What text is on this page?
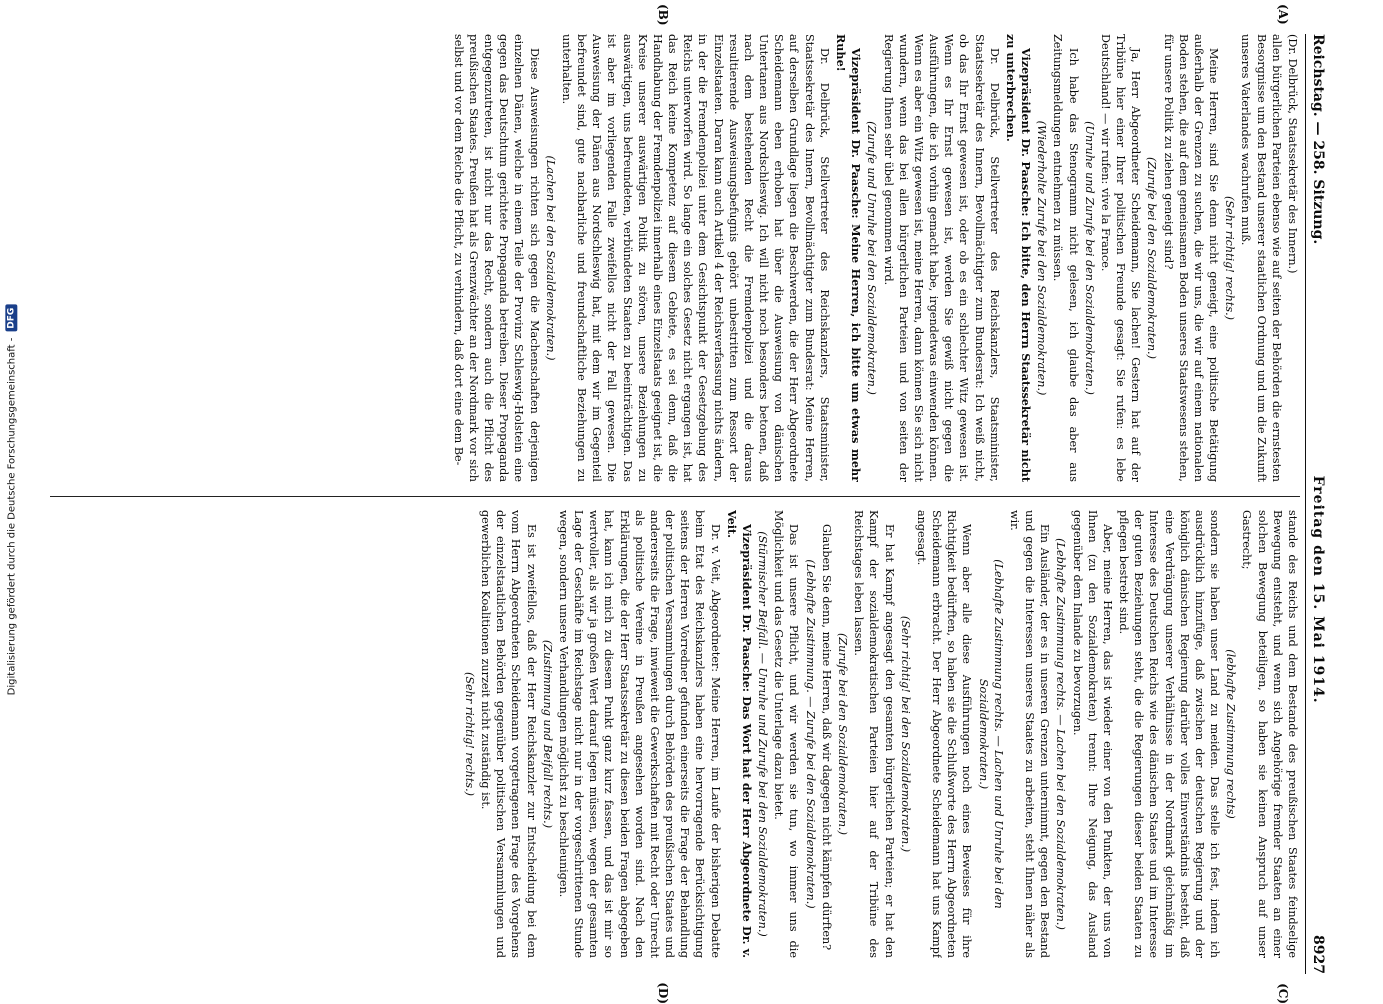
Digitalisierung gefördert durch die Deutsche Forschungsgemeinschaft -
DFG
Reichstag. — 258. Sitzung.
Freitag den 15. Mai 1914.
8927

(Dr. Delbrück, Staatssekretär des Innern.)

allen bürgerlichen Parteien ebenso wie auf seiten der Behörden die ernstesten Besorgnisse um den Bestand unserer staatlichen Ordnung und um die Zukunft unseres Vaterlandes wachrufen muß.

(Sehr richtig! rechts.)

Meine Herren, sind Sie denn nicht geneigt, eine politische Betätigung außerhalb der Grenzen zu suchen, die wir uns, die wir auf einem nationalen Boden stehen, die auf dem gemeinsamen Boden unseres Staatswesens stehen, für unsere Politik zu ziehen geneigt sind?

(Zurufe bei den Sozialdemokraten.)

Ja, Herr Abgeordneter Scheidemann, Sie lachen! Gestern hat auf der Tribüne hier einer Ihrer politischen Freunde gesagt: Sie rufen: es lebe Deutschland! — wir rufen: vive la France.

(Unruhe und Zurufe bei den Sozialdemokraten.)

Ich habe das Stenogramm nicht gelesen, ich glaube das aber aus Zeitungsmeldungen entnehmen zu müssen.

(Wiederholte Zurufe bei den Sozialdemokraten.)

Vizepräsident Dr. Paasche: Ich bitte, den Herrn Staatssekretär nicht zu unterbrechen.

Dr. Delbrück, Stellvertreter des Reichskanzlers, Staatsminister, Staatssekretär des Innern, Bevollmächtigter zum Bundesrat: Ich weiß nicht, ob das Ihr Ernst gewesen ist, oder ob es ein schlechter Witz gewesen ist. Wenn es Ihr Ernst gewesen ist, werden Sie gewiß nicht gegen die Ausführungen, die ich vorhin gemacht habe, irgendetwas einwenden können. Wenn es aber ein Witz gewesen ist, meine Herren, dann können Sie sich nicht wundern, wenn das bei allen bürgerlichen Parteien und von seiten der Regierung Ihnen sehr übel genommen wird.

(Zurufe und Unruhe bei den Sozialdemokraten.)

Vizepräsident Dr. Paasche: Meine Herren, ich bitte um etwas mehr Ruhe!

Dr. Delbrück, Stellvertreter des Reichskanzlers, Staatsminister, Staatssekretär des Innern, Bevollmächtigter zum Bundesrat: Meine Herren, auf derselben Grundlage liegen die Beschwerden, die der Herr Abgeordnete Scheidemann eben erhoben hat über die Ausweisung von dänischen Untertanen aus Nordschleswig. Ich will nicht noch besonders betonen, daß nach dem bestehenden Recht die Fremdenpolizei und die daraus resultierende Ausweisungsbefugnis gehört unbestritten zum Ressort der Einzelstaaten. Daran kann auch Artikel 4 der Reichsverfassung nichts ändern, in der die Fremdenpolizei unter dem Gesichtspunkt der Gesetzgebung des Reichs unterworfen wird. So lange ein solches Gesetz nicht ergangen ist, hat das Reich keine Kompetenz auf diesem Gebiete, es sei denn, daß die Handhabung der Fremdenpolizei innerhalb eines Einzelstaats geeignet ist, die Kreise unserer auswärtigen Politik zu stören, unsere Beziehungen zu auswärtigen, uns befreundeten, verbündeten Staaten zu beeinträchtigen. Das ist aber im vorliegenden Falle zweifellos nicht der Fall gewesen. Die Ausweisung der Dänen aus Nordschleswig hat, mit dem wir im Gegenteil befreundet sind, gute nachbarliche und freundschaftliche Beziehungen zu unterhalten.

(Lachen bei den Sozialdemokraten.)

Diese Ausweisungen richten sich gegen die Machenschaften derjenigen einzelnen Dänen, welche in einem Teile der Provinz Schleswig-Holstein eine gegen das Deutschtum gerichtete Propaganda betreiben. Dieser Propaganda entgegenzutreten, ist nicht nur das Recht, sondern auch die Pflicht des preußischen Staates. Preußen hat als Grenzwächter an der Nordmark vor sich selbst und vor dem Reiche die Pflicht, zu verhindern, daß dort eine dem Be-

stande des Reichs und dem Bestande des preußischen Staates feindselige Bewegung entsteht, und wenn sich Angehörige fremder Staaten an einer solchen Bewegung beteiligen, so haben sie keinen Anspruch auf unser Gastrecht;

(lebhafte Zustimmung rechts)

sondern sie haben unser Land zu meiden. Das stelle ich fest, indem ich ausdrücklich hinzufüge, daß zwischen der deutschen Regierung und der königlich dänischen Regierung darüber volles Einverständnis besteht, daß eine Verdrängung unserer Verhältnisse in der Nordmark gleichmäßig im Interesse des Deutschen Reichs wie des dänischen Staates und im Interesse der guten Beziehungen steht, die die Regierungen dieser beiden Staaten zu pflegen bestrebt sind.

Aber, meine Herren, das ist wieder einer von den Punkten, der uns von Ihnen (zu den Sozialdemokraten) trennt: Ihre Neigung, das Ausland gegenüber dem Inlande zu bevorzugen.

(Lebhafte Zustimmung rechts. — Lachen bei den Sozialdemokraten.)

Ein Ausländer, der es in unseren Grenzen unternimmt, gegen den Bestand und gegen die Interessen unseres Staates zu arbeiten, steht Ihnen näher als wir.

(Lebhafte Zustimmung rechts. — Lachen und Unruhe bei den Sozialdemokraten.)

Wenn aber alle diese Ausführungen noch eines Beweises für ihre Richtigkeit bedürften, so haben sie die Schlußworte des Herrn Abgeordneten Scheidemann erbracht. Der Herr Abgeordnete Scheidemann hat uns Kampf angesagt.

(Sehr richtig! bei den Sozialdemokraten.)

Er hat Kampf angesagt den gesamten bürgerlichen Parteien; er hat den Kampf der sozialdemokratischen Parteien hier auf der Tribüne des Reichstages leben lassen.

(Zurufe bei den Sozialdemokraten.)

Glauben Sie denn, meine Herren, daß wir dagegen nicht kämpfen dürften?

(Lebhafte Zustimmung. — Zurufe bei den Sozialdemokraten.)

Das ist unsere Pflicht, und wir werden sie tun, wo immer uns die Möglichkeit und das Gesetz die Unterlage dazu bietet.

(Stürmischer Beifall. — Unruhe und Zurufe bei den Sozialdemokraten.)

Vizepräsident Dr. Paasche: Das Wort hat der Herr Abgeordnete Dr. v. Veit.

Dr. v. Veit, Abgeordneter: Meine Herren, im Laufe der bisherigen Debatte beim Etat des Reichskanzlers haben eine hervorragende Berücksichtigung seitens der Herren Vorredner gefunden einerseits die Frage der Behandlung der politischen Versammlungen durch Behörden des preußischen Staates und andererseits die Frage, inwieweit die Gewerkschaften mit Recht oder Unrecht als politische Vereine in Preußen angesehen worden sind. Nach den Erklärungen, die der Herr Staatssekretär zu diesen beiden Fragen abgegeben hat, kann ich mich zu diesem Punkt ganz kurz fassen, und das ist mir so wertvoller, als wir ja großen Wert darauf legen müssen, wegen der gesamten Lage der Geschäfte im Reichstage nicht nur in der vorgeschrittenen Stunde wegen, sondern unsere Verhandlungen möglichst zu beschleunigen.

(Zustimmung und Beifall rechts.)

Es ist zweifellos, daß der Herr Reichskanzler zur Entscheidung bei dem vom Herrn Abgeordneten Scheidemann vorgetragenen Frage des Vorgehens der einzelstaatlichen Behörden gegenüber politischen Versammlungen und gewerblichen Koalitionen zurzeit nicht zuständig ist.

(Sehr richtig! rechts.)

(A)
(B)
(C)
(D)
